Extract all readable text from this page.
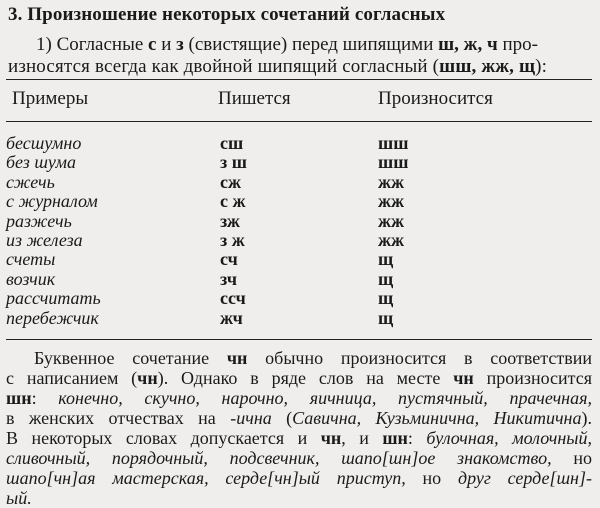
3. Произношение некоторых сочетаний согласных
1) Согласные с и з (свистящие) перед шипящими ш, ж, ч про-
износятся всегда как двойной шипящий согласный (шш, жж, щ):
Примеры	Пишется	Произносится
бесшумно	сш	шш
без шума	з ш	шш
сжечь	сж	жж
с журналом	с ж	жж
разжечь	зж	жж
из железа	з ж	жж
счеты	сч	щ
возчик	зч	щ
рассчитать	ссч	щ
перебежчик	жч	щ
Буквенное сочетание чн обычно произносится в соответствии
с написанием (чн). Однако в ряде слов на месте чн произносится
шн: конечно, скучно, нарочно, яичница, пустячный, прачечная,
в женских отчествах на -ична (Савична, Кузьминична, Никитична).
В некоторых словах допускается и чн, и шн: булочная, молочный,
сливочный, порядочный, подсвечник, шапо[шн]ое знакомство, но
шапо[чн]ая мастерская, серде[чн]ый приступ, но друг серде[шн]-
ый.
